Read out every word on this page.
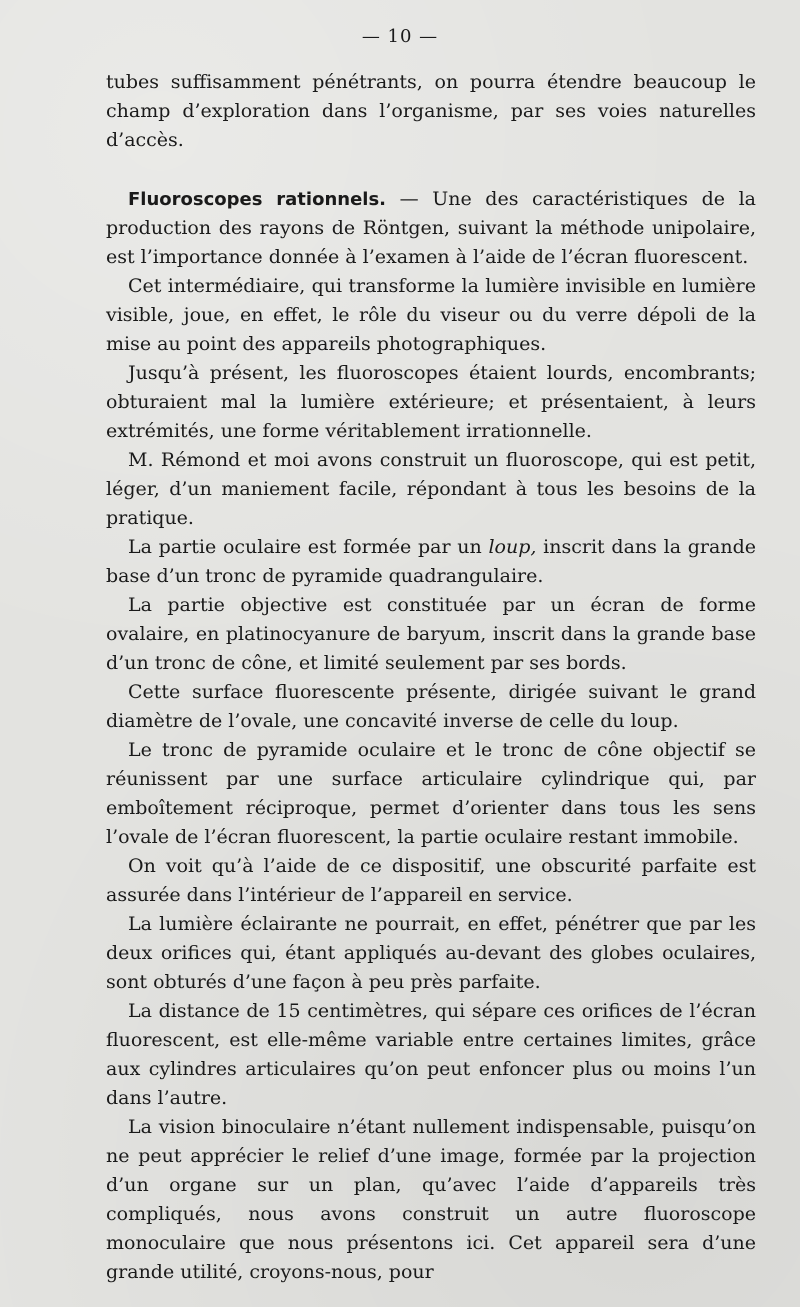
— 10 —

tubes suffisamment pénétrants, on pourra étendre beaucoup le champ d’exploration dans l’organisme, par ses voies naturelles d’accès.

Fluoroscopes rationnels. — Une des caractéristiques de la production des rayons de Röntgen, suivant la méthode unipolaire, est l’importance donnée à l’examen à l’aide de l’écran fluorescent.

Cet intermédiaire, qui transforme la lumière invisible en lumière visible, joue, en effet, le rôle du viseur ou du verre dépoli de la mise au point des appareils photographiques.

Jusqu’à présent, les fluoroscopes étaient lourds, encombrants; obturaient mal la lumière extérieure; et présentaient, à leurs extrémités, une forme véritablement irrationnelle.

M. Rémond et moi avons construit un fluoroscope, qui est petit, léger, d’un maniement facile, répondant à tous les besoins de la pratique.

La partie oculaire est formée par un loup, inscrit dans la grande base d’un tronc de pyramide quadrangulaire.

La partie objective est constituée par un écran de forme ovalaire, en platinocyanure de baryum, inscrit dans la grande base d’un tronc de cône, et limité seulement par ses bords.

Cette surface fluorescente présente, dirigée suivant le grand diamètre de l’ovale, une concavité inverse de celle du loup.

Le tronc de pyramide oculaire et le tronc de cône objectif se réunissent par une surface articulaire cylindrique qui, par emboîtement réciproque, permet d’orienter dans tous les sens l’ovale de l’écran fluorescent, la partie oculaire restant immobile.

On voit qu’à l’aide de ce dispositif, une obscurité parfaite est assurée dans l’intérieur de l’appareil en service.

La lumière éclairante ne pourrait, en effet, pénétrer que par les deux orifices qui, étant appliqués au-devant des globes oculaires, sont obturés d’une façon à peu près parfaite.

La distance de 15 centimètres, qui sépare ces orifices de l’écran fluorescent, est elle-même variable entre certaines limites, grâce aux cylindres articulaires qu’on peut enfoncer plus ou moins l’un dans l’autre.

La vision binoculaire n’étant nullement indispensable, puisqu’on ne peut apprécier le relief d’une image, formée par la projection d’un organe sur un plan, qu’avec l’aide d’appareils très compliqués, nous avons construit un autre fluoroscope monoculaire que nous présentons ici. Cet appareil sera d’une grande utilité, croyons-nous, pour
